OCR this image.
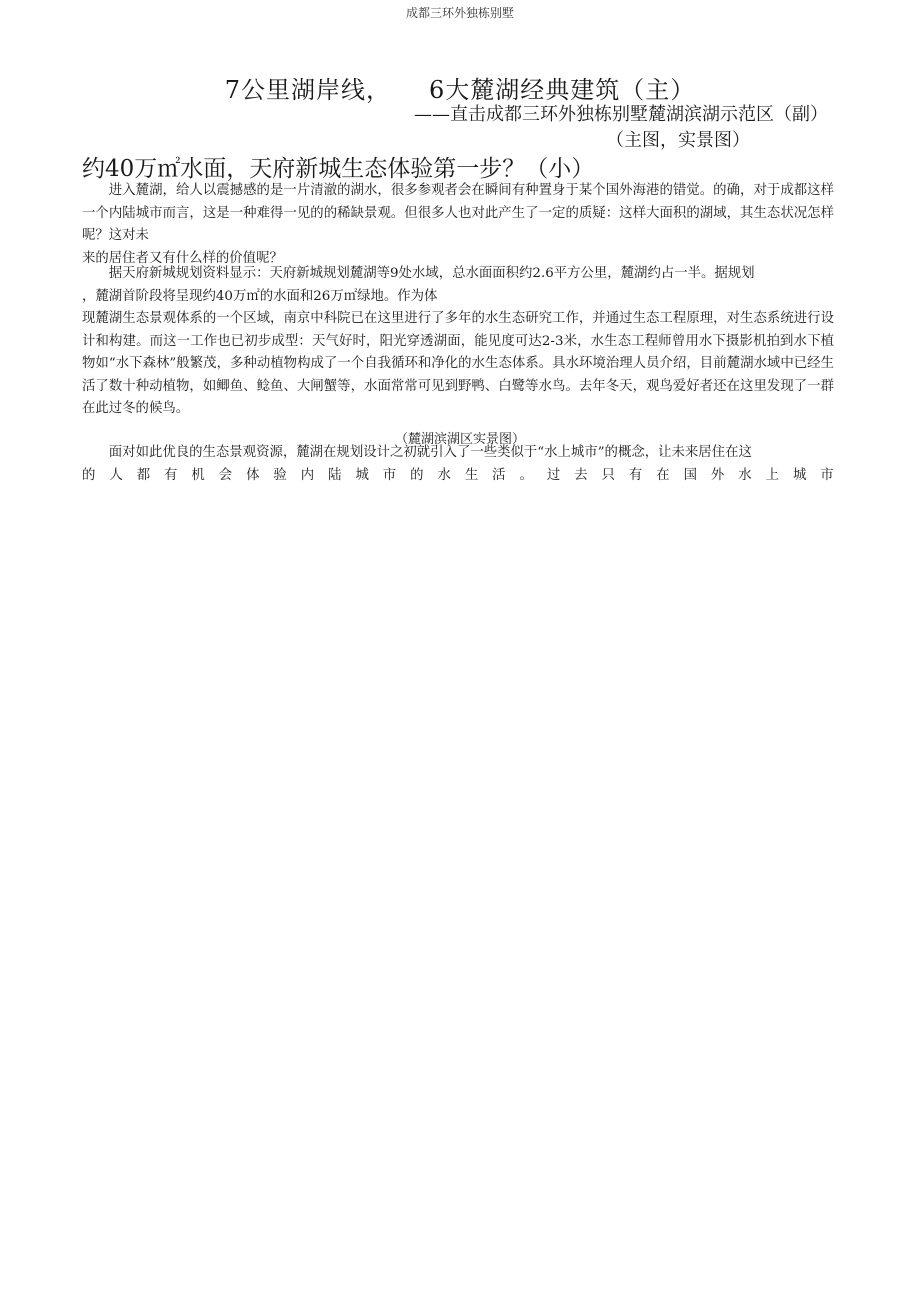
成都三环外独栋别墅
7公里湖岸线， 6大麓湖经典建筑（主）
——直击成都三环外独栋别墅麓湖滨湖示范区（副）
（主图，实景图）
约40万㎡水面，天府新城生态体验第一步？（小）

进入麓湖，给人以震撼感的是一片清澈的湖水，很多参观者会在瞬间有种置身于某个国外海港的错觉。的确，对于成都这样一个内陆城市而言，这是一种难得一见的的稀缺景观。但很多人也对此产生了一定的质疑：这样大面积的湖域，其生态状况怎样呢？这对未

来的居住者又有什么样的价值呢？

据天府新城规划资料显示：天府新城规划麓湖等9处水域，总水面面积约2.6平方公里，麓湖约占一半。据规划

，麓湖首阶段将呈现约40万㎡的水面和26万㎡绿地。作为体

现麓湖生态景观体系的一个区域，南京中科院已在这里进行了多年的水生态研究工作，并通过生态工程原理，对生态系统进行设计和构建。而这一工作也已初步成型：天气好时，阳光穿透湖面，能见度可达2-3米，水生态工程师曾用水下摄影机拍到水下植物如“水下森林”般繁茂，多种动植物构成了一个自我循环和净化的水生态体系。具水环境治理人员介绍，目前麓湖水域中已经生活了数十种动植物，如鲫鱼、鲶鱼、大闸蟹等，水面常常可见到野鸭、白鹭等水鸟。去年冬天，观鸟爱好者还在这里发现了一群在此过冬的候鸟。

（麓湖滨湖区实景图）

面对如此优良的生态景观资源，麓湖在规划设计之初就引入了一些类似于“水上城市”的概念，让未来居住在这

的 人 都 有 机 会 体 验 内 陆 城 市 的 水 生 活 。 过 去 只 有 在 国 外 水 上 城 市
